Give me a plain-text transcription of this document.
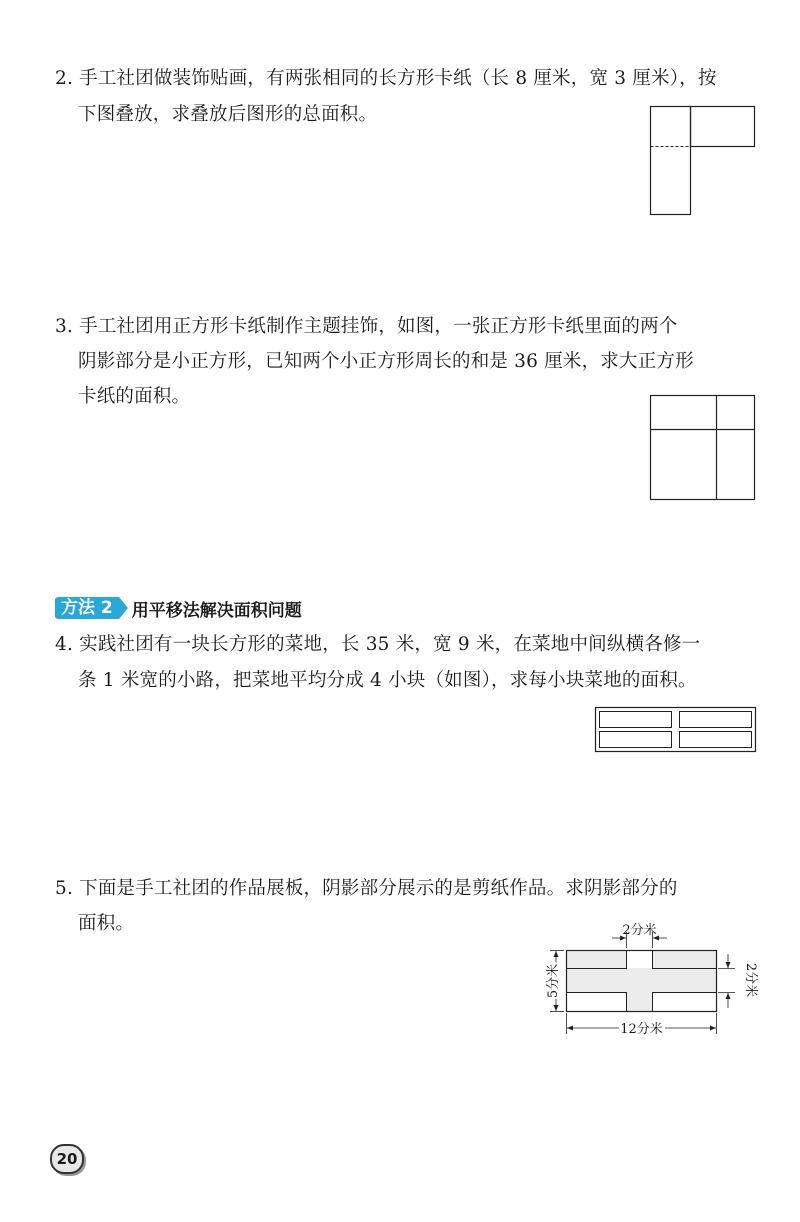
2. 手工社团做装饰贴画，有两张相同的长方形卡纸（长 8 厘米，宽 3 厘米），按
下图叠放，求叠放后图形的总面积。
3. 手工社团用正方形卡纸制作主题挂饰，如图，一张正方形卡纸里面的两个
阴影部分是小正方形，已知两个小正方形周长的和是 36 厘米，求大正方形
卡纸的面积。
方法 2	用平移法解决面积问题
4. 实践社团有一块长方形的菜地，长 35 米，宽 9 米，在菜地中间纵横各修一
条 1 米宽的小路，把菜地平均分成 4 小块（如图），求每小块菜地的面积。
5. 下面是手工社团的作品展板，阴影部分展示的是剪纸作品。求阴影部分的
面积。	2分米
5分米	2分米
12分米
20
